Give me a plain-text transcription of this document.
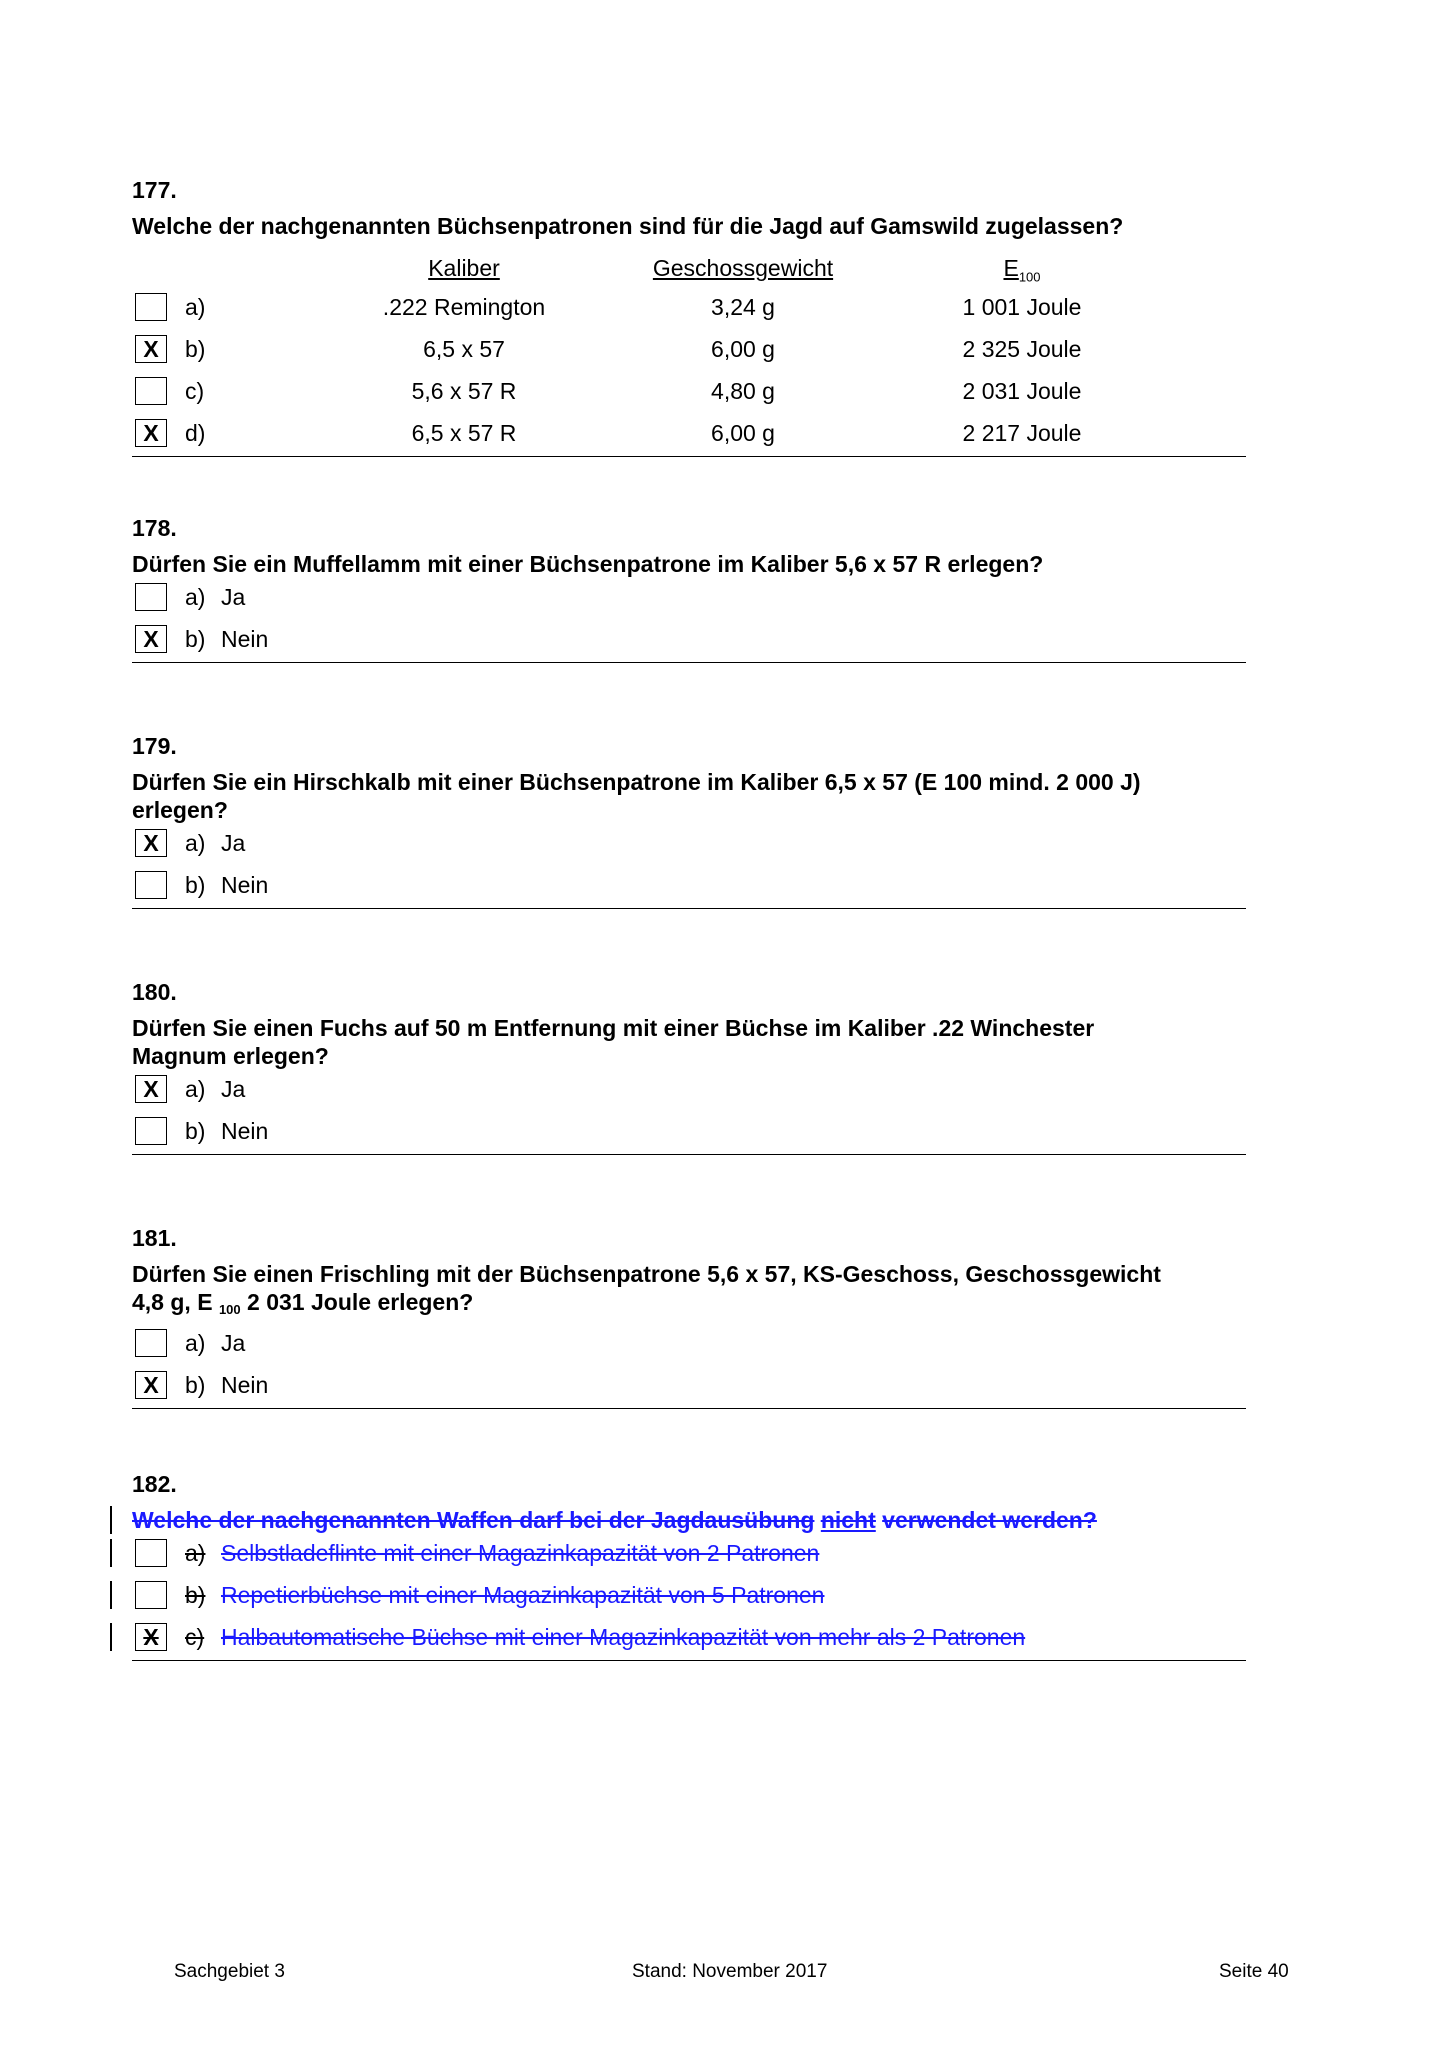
177.
Welche der nachgenannten Büchsenpatronen sind für die Jagd auf Gamswild zugelassen?
Kaliber	Geschossgewicht	$E_{100}$
a)	.222 Remington	3,24 g	1 001 Joule
X	b)	6,5 x 57	6,00 g	2 325 Joule
c)	5,6 x 57 R	4,80 g	2 031 Joule
X	d)	6,5 x 57 R	6,00 g	2 217 Joule
178.
Dürfen Sie ein Muffellamm mit einer Büchsenpatrone im Kaliber 5,6 x 57 R erlegen?
a) Ja
X	b) Nein
179.
Dürfen Sie ein Hirschkalb mit einer Büchsenpatrone im Kaliber 6,5 x 57 (E 100 mind. 2 000 J)
erlegen?
X	a) Ja
b) Nein
180.
Dürfen Sie einen Fuchs auf 50 m Entfernung mit einer Büchse im Kaliber .22 Winchester
Magnum erlegen?
X	a) Ja
b) Nein
181.
Dürfen Sie einen Frischling mit der Büchsenpatrone 5,6 x 57, KS-Geschoss, Geschossgewicht
4,8 g, E 100 2 031 Joule erlegen?
a) Ja
X	b) Nein
182.
Welche der nachgenannten Waffen darf bei der Jagdausübung nicht verwendet werden?
a) Selbstladeflinte mit einer Magazinkapazität von 2 Patronen
b) Repetierbüchse mit einer Magazinkapazität von 5 Patronen
X	c) Halbautomatische Büchse mit einer Magazinkapazität von mehr als 2 Patronen
Sachgebiet 3	Stand: November 2017	Seite 40
